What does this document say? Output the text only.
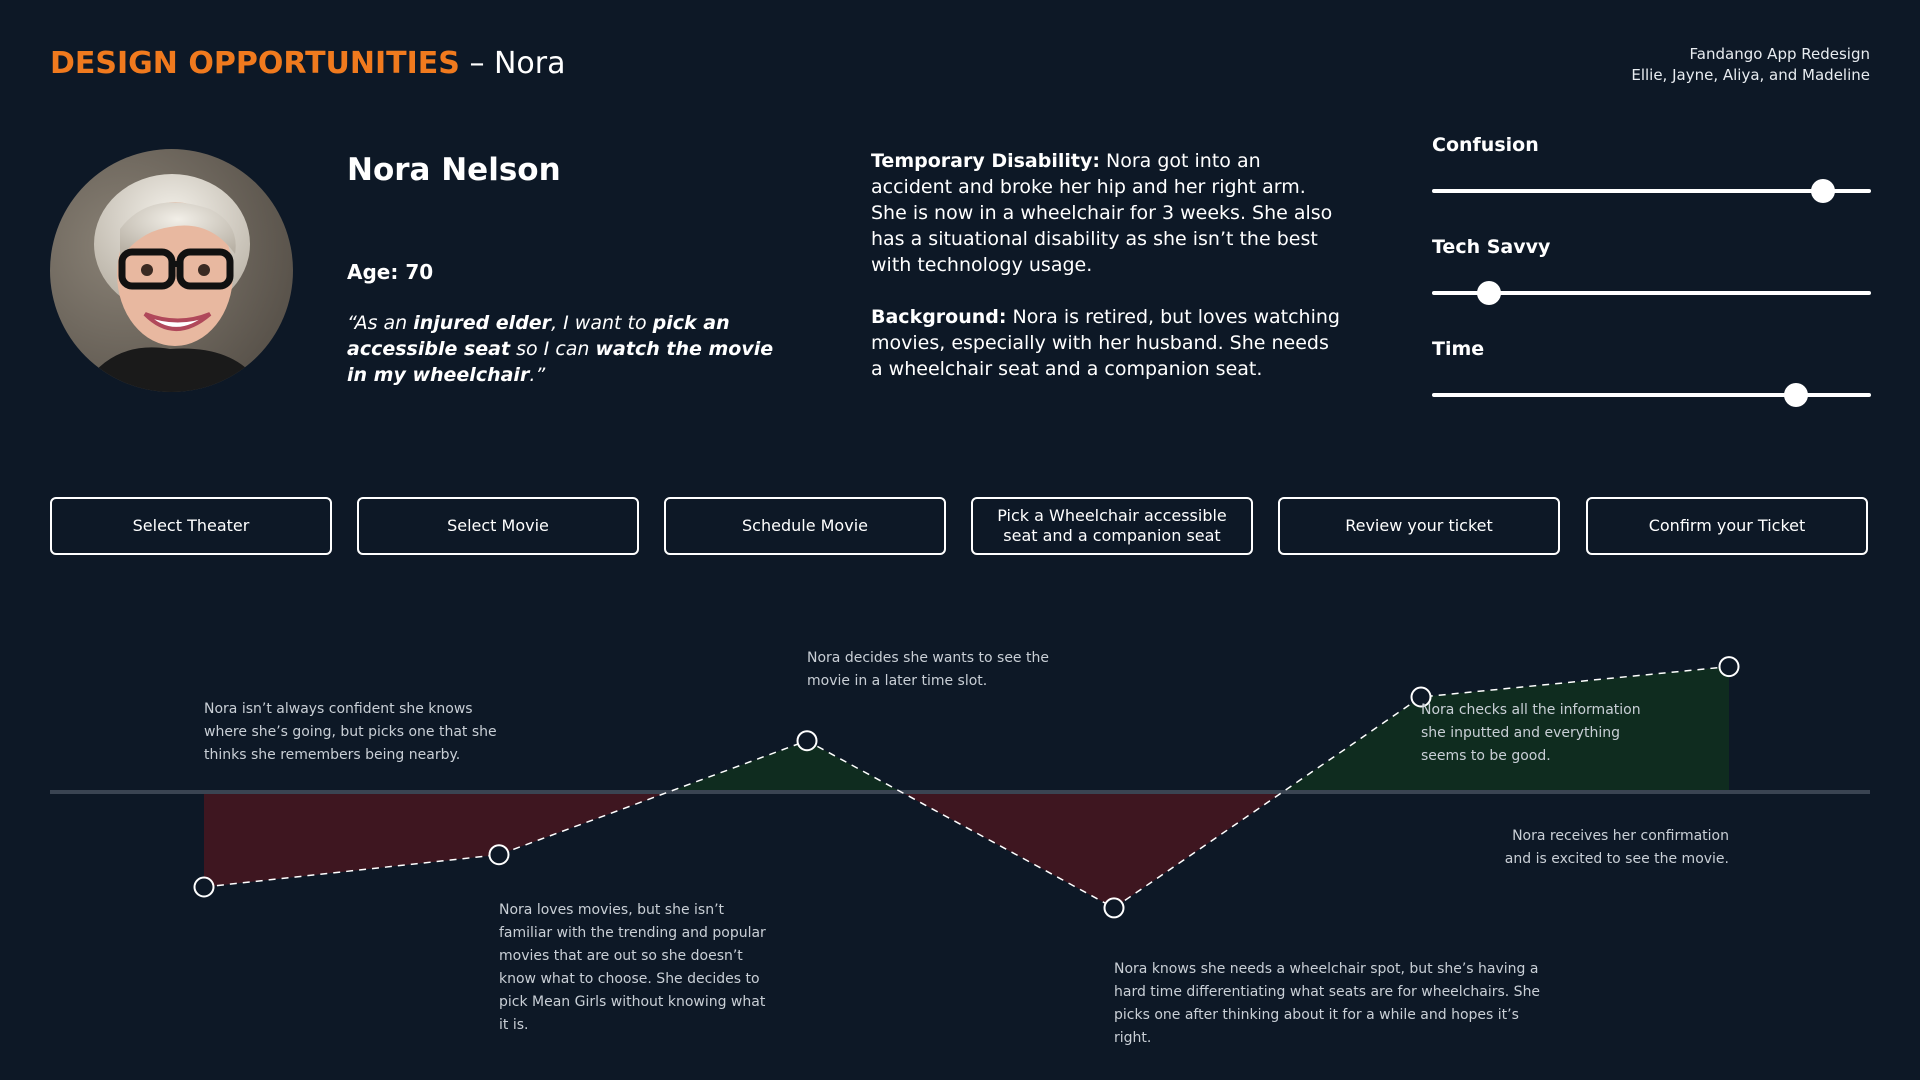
DESIGN OPPORTUNITIES – Nora	Fandango App Redesign
Ellie, Jayne, Aliya, and Madeline
Nora Nelson
Age: 70
“As an injured elder, I want to pick an accessible seat so I can watch the movie in my wheelchair.”
Temporary Disability: Nora got into an accident and broke her hip and her right arm. She is now in a wheelchair for 3 weeks. She also has a situational disability as she isn’t the best with technology usage.
Background: Nora is retired, but loves watching movies, especially with her husband. She needs a wheelchair seat and a companion seat.
Confusion
Tech Savvy
Time
Select Theater	Select Movie	Schedule Movie
Pick a Wheelchair accessible seat and a companion seat
Review your ticket	Confirm your Ticket
Nora isn’t always confident she knows where she’s going, but picks one that she thinks she remembers being nearby.
Nora loves movies, but she isn’t familiar with the trending and popular movies that are out so she doesn’t know what to choose. She decides to pick Mean Girls without knowing what it is.
Nora decides she wants to see the movie in a later time slot.
Nora knows she needs a wheelchair spot, but she’s having a hard time differentiating what seats are for wheelchairs. She picks one after thinking about it for a while and hopes it’s right.
Nora checks all the information she inputted and everything seems to be good.
Nora receives her confirmation and is excited to see the movie.
